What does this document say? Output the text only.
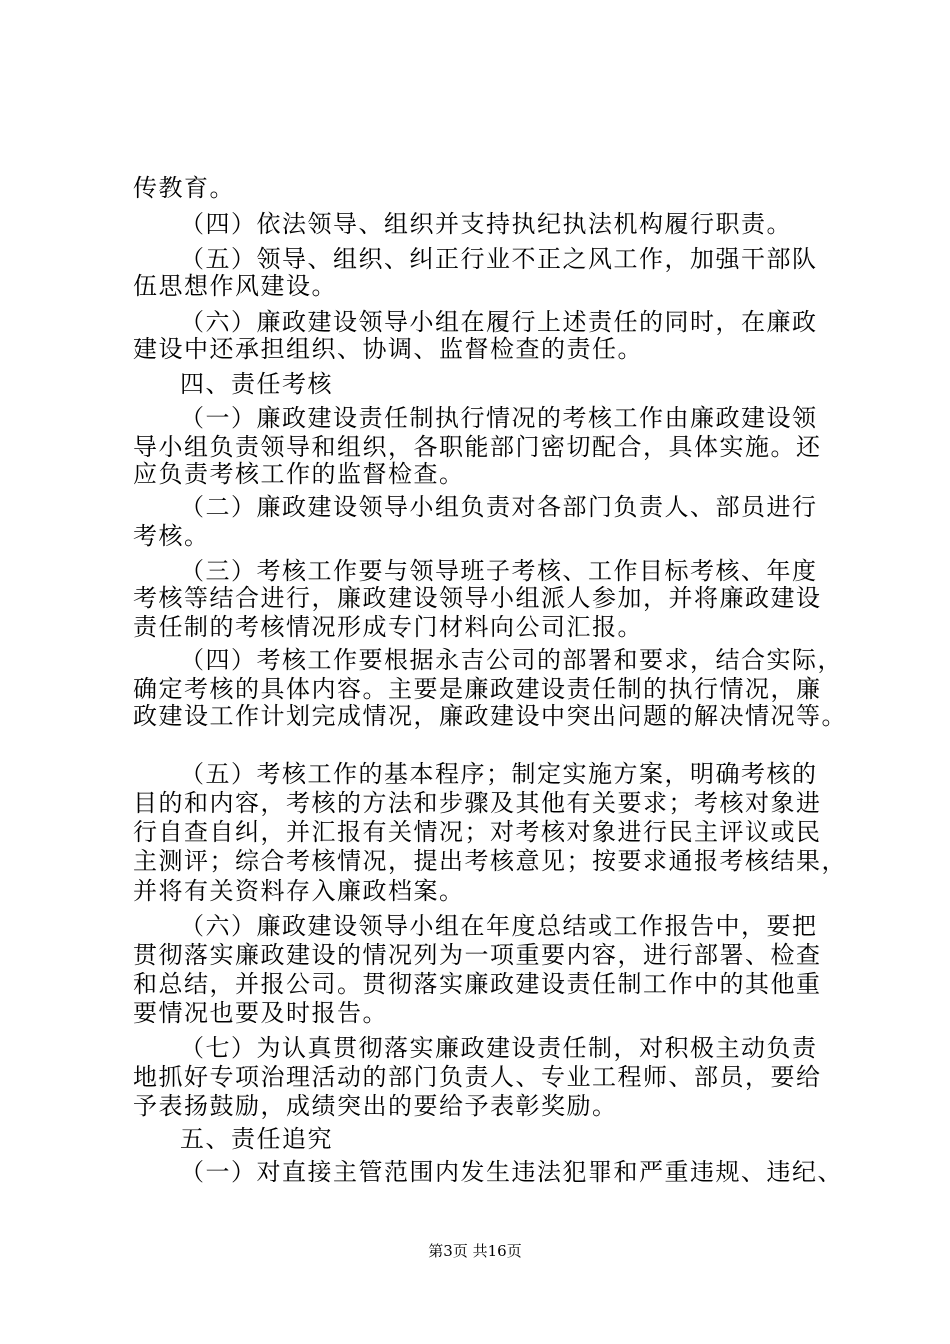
传教育。
（四）依法领导、组织并支持执纪执法机构履行职责。
（五）领导、组织、纠正行业不正之风工作，加强干部队
伍思想作风建设。
（六）廉政建设领导小组在履行上述责任的同时，在廉政
建设中还承担组织、协调、监督检查的责任。
四、责任考核
（一）廉政建设责任制执行情况的考核工作由廉政建设领
导小组负责领导和组织，各职能部门密切配合，具体实施。还
应负责考核工作的监督检查。
（二）廉政建设领导小组负责对各部门负责人、部员进行
考核。
（三）考核工作要与领导班子考核、工作目标考核、年度
考核等结合进行，廉政建设领导小组派人参加，并将廉政建设
责任制的考核情况形成专门材料向公司汇报。
（四）考核工作要根据永吉公司的部署和要求，结合实际，
确定考核的具体内容。主要是廉政建设责任制的执行情况，廉
政建设工作计划完成情况，廉政建设中突出问题的解决情况等。
（五）考核工作的基本程序；制定实施方案，明确考核的
目的和内容，考核的方法和步骤及其他有关要求；考核对象进
行自查自纠，并汇报有关情况；对考核对象进行民主评议或民
主测评；综合考核情况，提出考核意见；按要求通报考核结果，
并将有关资料存入廉政档案。
（六）廉政建设领导小组在年度总结或工作报告中，要把
贯彻落实廉政建设的情况列为一项重要内容，进行部署、检查
和总结，并报公司。贯彻落实廉政建设责任制工作中的其他重
要情况也要及时报告。
（七）为认真贯彻落实廉政建设责任制，对积极主动负责
地抓好专项治理活动的部门负责人、专业工程师、部员，要给
予表扬鼓励，成绩突出的要给予表彰奖励。
五、责任追究
（一）对直接主管范围内发生违法犯罪和严重违规、违纪、
第3页 共16页
